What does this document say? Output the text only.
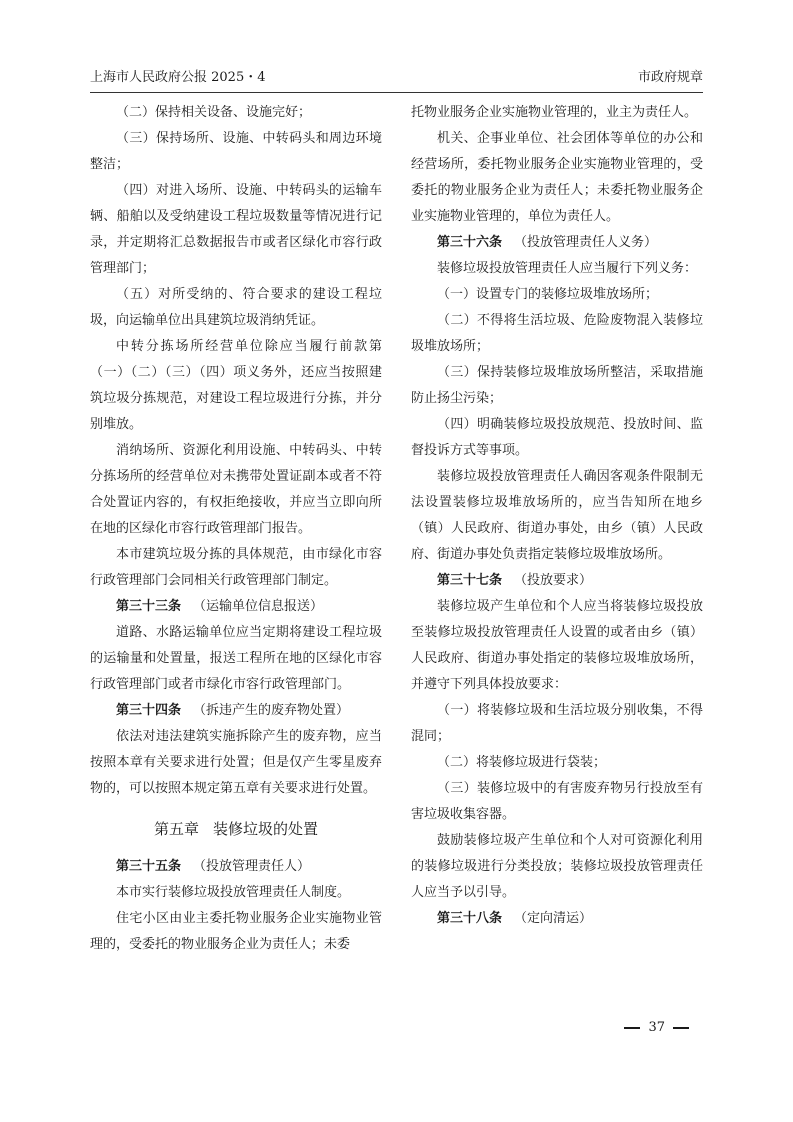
上海市人民政府公报 2025・4	市政府规章

（二）保持相关设备、设施完好；

（三）保持场所、设施、中转码头和周边环境整洁；

（四）对进入场所、设施、中转码头的运输车辆、船舶以及受纳建设工程垃圾数量等情况进行记录，并定期将汇总数据报告市或者区绿化市容行政管理部门；

（五）对所受纳的、符合要求的建设工程垃圾，向运输单位出具建筑垃圾消纳凭证。

中转分拣场所经营单位除应当履行前款第（一）（二）（三）（四）项义务外，还应当按照建筑垃圾分拣规范，对建设工程垃圾进行分拣，并分别堆放。

消纳场所、资源化利用设施、中转码头、中转分拣场所的经营单位对未携带处置证副本或者不符合处置证内容的，有权拒绝接收，并应当立即向所在地的区绿化市容行政管理部门报告。

本市建筑垃圾分拣的具体规范，由市绿化市容行政管理部门会同相关行政管理部门制定。

第三十三条 （运输单位信息报送）

道路、水路运输单位应当定期将建设工程垃圾的运输量和处置量，报送工程所在地的区绿化市容行政管理部门或者市绿化市容行政管理部门。

第三十四条 （拆违产生的废弃物处置）

依法对违法建筑实施拆除产生的废弃物，应当按照本章有关要求进行处置；但是仅产生零星废弃物的，可以按照本规定第五章有关要求进行处置。

第五章 装修垃圾的处置

第三十五条 （投放管理责任人）

本市实行装修垃圾投放管理责任人制度。

住宅小区由业主委托物业服务企业实施物业管理的，受委托的物业服务企业为责任人；未委

托物业服务企业实施物业管理的，业主为责任人。

机关、企事业单位、社会团体等单位的办公和经营场所，委托物业服务企业实施物业管理的，受委托的物业服务企业为责任人；未委托物业服务企业实施物业管理的，单位为责任人。

第三十六条 （投放管理责任人义务）

装修垃圾投放管理责任人应当履行下列义务：

（一）设置专门的装修垃圾堆放场所；

（二）不得将生活垃圾、危险废物混入装修垃圾堆放场所；

（三）保持装修垃圾堆放场所整洁，采取措施防止扬尘污染；

（四）明确装修垃圾投放规范、投放时间、监督投诉方式等事项。

装修垃圾投放管理责任人确因客观条件限制无法设置装修垃圾堆放场所的，应当告知所在地乡（镇）人民政府、街道办事处，由乡（镇）人民政府、街道办事处负责指定装修垃圾堆放场所。

第三十七条 （投放要求）

装修垃圾产生单位和个人应当将装修垃圾投放至装修垃圾投放管理责任人设置的或者由乡（镇）人民政府、街道办事处指定的装修垃圾堆放场所，并遵守下列具体投放要求：

（一）将装修垃圾和生活垃圾分别收集，不得混同；

（二）将装修垃圾进行袋装；

（三）装修垃圾中的有害废弃物另行投放至有害垃圾收集容器。

鼓励装修垃圾产生单位和个人对可资源化利用的装修垃圾进行分类投放；装修垃圾投放管理责任人应当予以引导。

第三十八条 （定向清运）

37
